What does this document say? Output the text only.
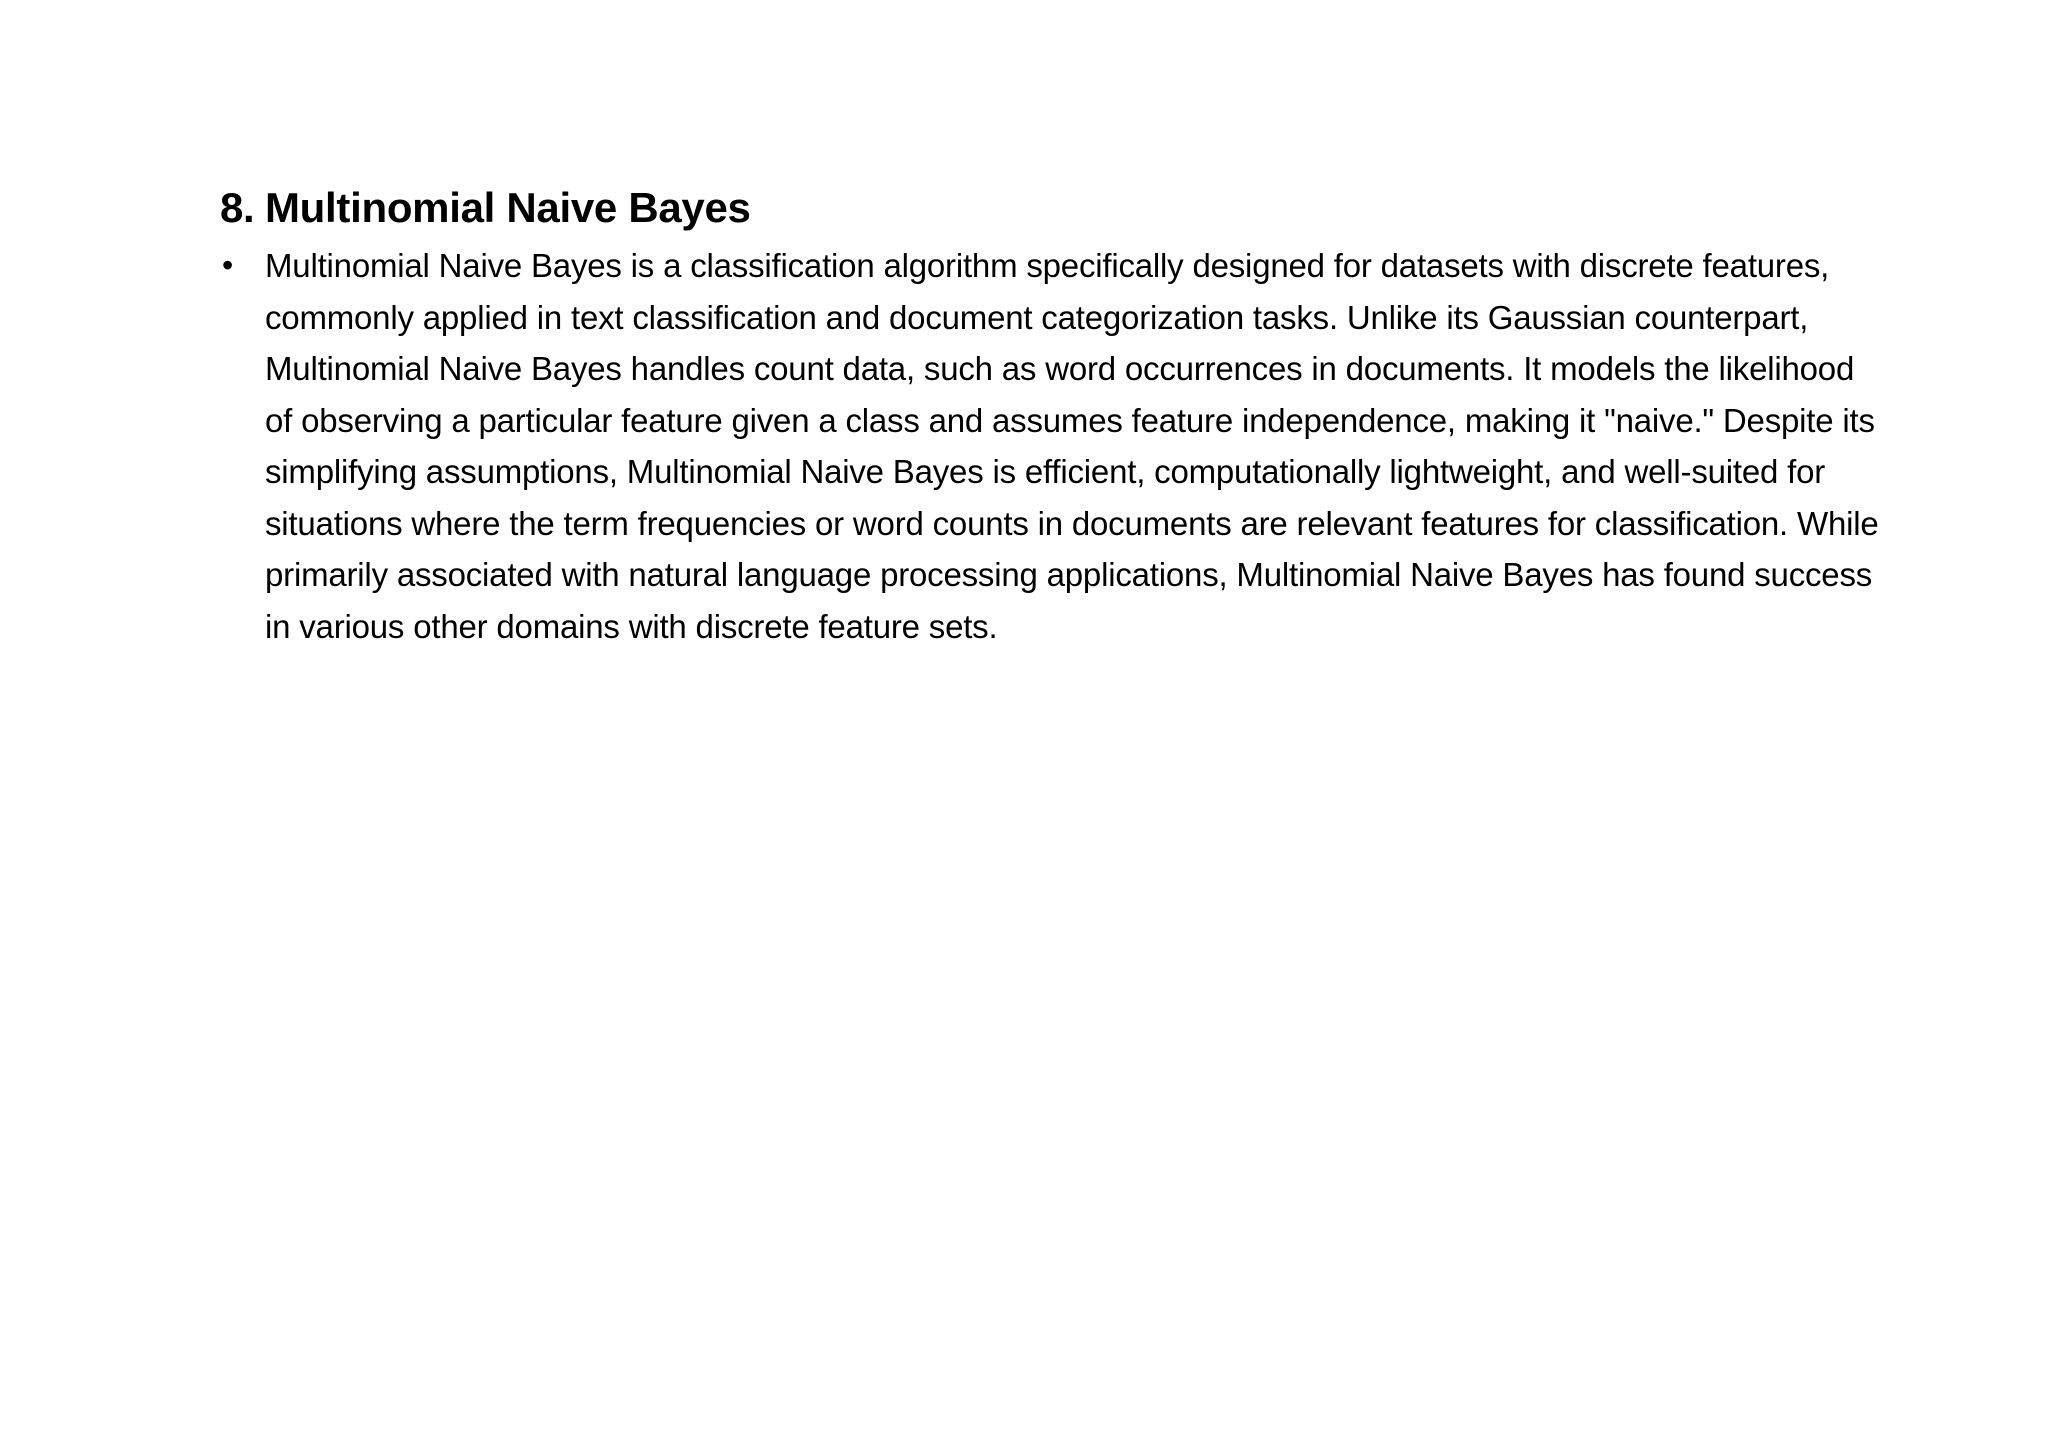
8. Multinomial Naive Bayes
• Multinomial Naive Bayes is a classification algorithm specifically designed for datasets with discrete features, commonly applied in text classification and document categorization tasks. Unlike its Gaussian counterpart, Multinomial Naive Bayes handles count data, such as word occurrences in documents. It models the likelihood of observing a particular feature given a class and assumes feature independence, making it "naive." Despite its simplifying assumptions, Multinomial Naive Bayes is efficient, computationally lightweight, and well-suited for situations where the term frequencies or word counts in documents are relevant features for classification. While primarily associated with natural language processing applications, Multinomial Naive Bayes has found success in various other domains with discrete feature sets.
